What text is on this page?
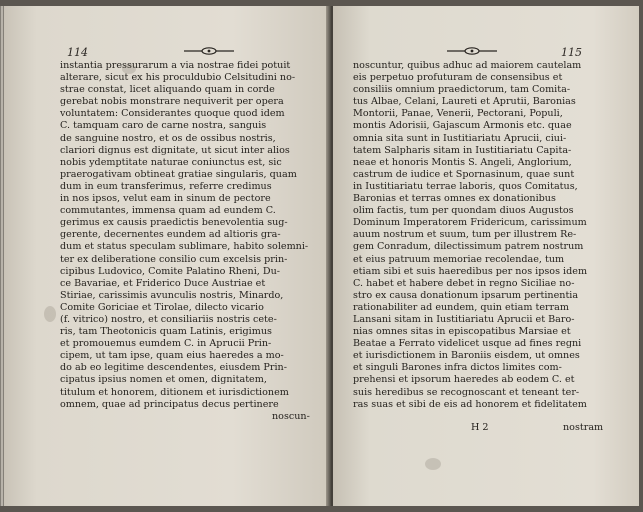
114
instantia pressurarum a via nostrae fidei potuit
alterare, sicut ex his proculdubio Celsitudini no-
strae constat, licet aliquando quam in corde
gerebat nobis monstrare nequiverit per opera
voluntatem: Considerantes quoque quod idem
C. tamquam caro de carne nostra, sanguis
de sanguine nostro, et os de ossibus nostris,
clariori dignus est dignitate, ut sicut inter alios
nobis ydemptitate naturae coniunctus est, sic
praerogativam obtineat gratiae singularis, quam
dum in eum transferimus, referre credimus
in nos ipsos, velut eam in sinum de pectore
commutantes, immensa quam ad eundem C.
gerimus ex causis praedictis benevolentia sug-
gerente, decernentes eundem ad altioris gra-
dum et status speculam sublimare, habito solemni-
ter ex deliberatione consilio cum excelsis prin-
cipibus Ludovico, Comite Palatino Rheni, Du-
ce Bavariae, et Friderico Duce Austriae et
Stiriae, carissimis avunculis nostris, Minardo,
Comite Goriciae et Tirolae, dilecto vicario
(f. vitrico) nostro, et consiliariis nostris cete-
ris, tam Theotonicis quam Latinis, erigimus
et promouemus eumdem C. in Aprucii Prin-
cipem, ut tam ipse, quam eius haeredes a mo-
do ab eo legitime descendentes, eiusdem Prin-
cipatus ipsius nomen et omen, dignitatem,
titulum et honorem, ditionem et iurisdictionem
omnem, quae ad principatus decus pertinere
noscun-
115
noscuntur, quibus adhuc ad maiorem cautelam
eis perpetuo profuturam de consensibus et
consiliis omnium praedictorum, tam Comita-
tus Albae, Celani, Laureti et Aprutii, Baronias
Montorii, Panae, Venerii, Pectorani, Populi,
montis Adorisii, Gajascum Armonis etc. quae
omnia sita sunt in Iustitiariatu Aprucii, ciui-
tatem Salpharis sitam in Iustitiariatu Capita-
neae et honoris Montis S. Angeli, Anglorium,
castrum de iudice et Spornasinum, quae sunt
in Iustitiariatu terrae laboris, quos Comitatus,
Baronias et terras omnes ex donationibus
olim factis, tum per quondam diuos Augustos
Dominum Imperatorem Fridericum, carissimum
auum nostrum et suum, tum per illustrem Re-
gem Conradum, dilectissimum patrem nostrum
et eius patruum memoriae recolendae, tum
etiam sibi et suis haeredibus per nos ipsos idem
C. habet et habere debet in regno Siciliae no-
stro ex causa donationum ipsarum pertinentia
rationabiliter ad eundem, quin etiam terram
Lansani sitam in Iustitiariatu Aprucii et Baro-
nias omnes sitas in episcopatibus Marsiae et
Beatae a Ferrato videlicet usque ad fines regni
et iurisdictionem in Baroniis eisdem, ut omnes
et singuli Barones infra dictos limites com-
prehensi et ipsorum haeredes ab eodem C. et
suis heredibus se recognoscant et teneant ter-
ras suas et sibi de eis ad honorem et fidelitatem
H 2	nostram
